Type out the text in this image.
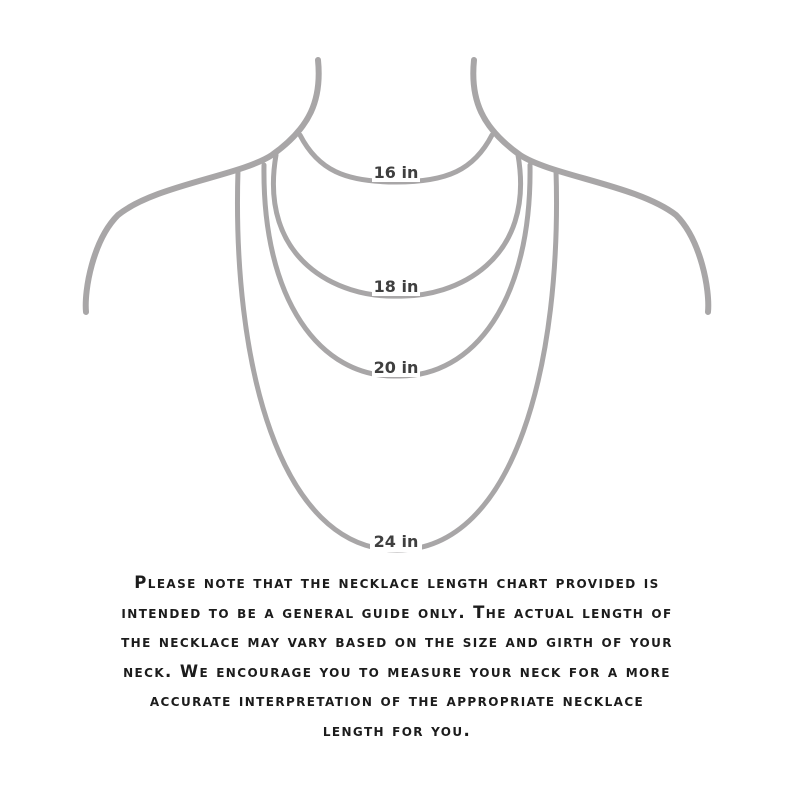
16 in
18 in
20 in
24 in

Please note that the necklace length chart provided is
intended to be a general guide only. The actual length of
the necklace may vary based on the size and girth of your
neck. We encourage you to measure your neck for a more
accurate interpretation of the appropriate necklace
length for you.
